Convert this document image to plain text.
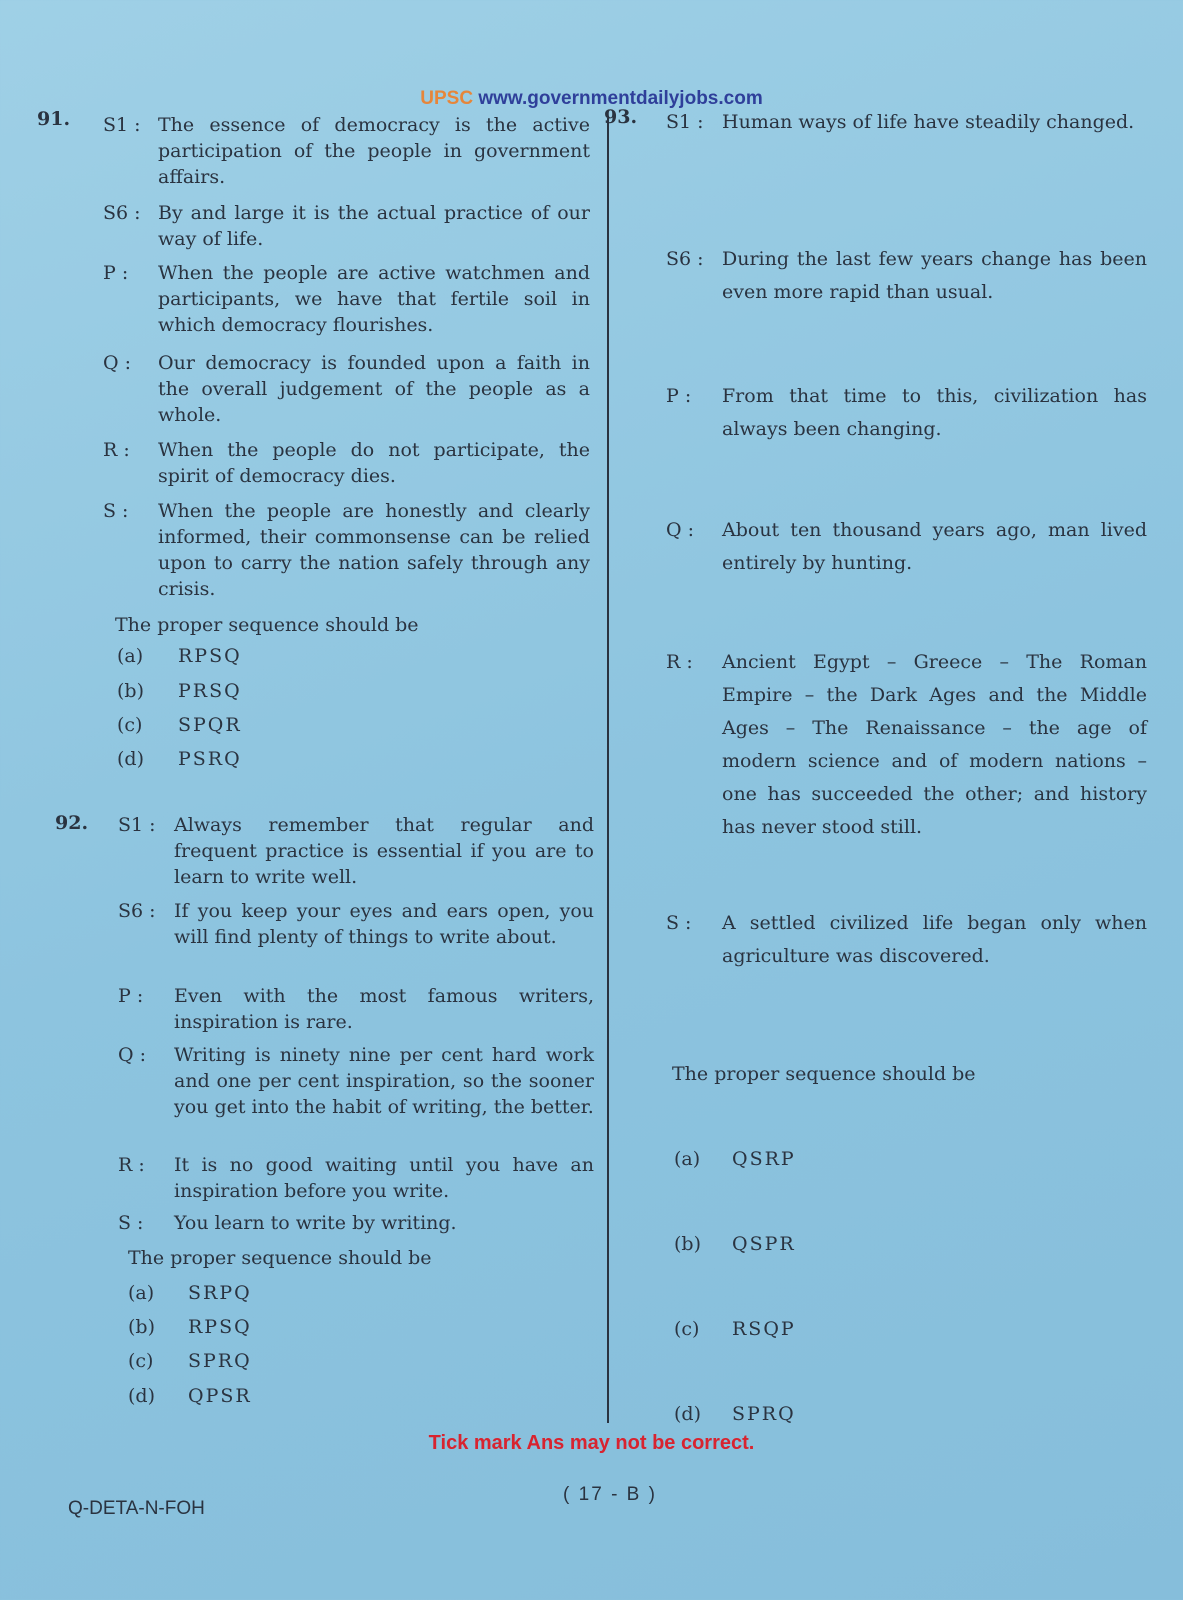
UPSC www.governmentdailyjobs.com
91. S1 : The essence of democracy is the active participation of the people in government affairs.
S6 : By and large it is the actual practice of our way of life.
P : When the people are active watchmen and participants, we have that fertile soil in which democracy flourishes.
Q : Our democracy is founded upon a faith in the overall judgement of the people as a whole.
R : When the people do not participate, the spirit of democracy dies.
S : When the people are honestly and clearly informed, their commonsense can be relied upon to carry the nation safely through any crisis.
The proper sequence should be
(a) RPSQ
(b) PRSQ
(c) SPQR
(d) PSRQ
92. S1 : Always remember that regular and frequent practice is essential if you are to learn to write well.
S6 : If you keep your eyes and ears open, you will find plenty of things to write about.
P : Even with the most famous writers, inspiration is rare.
Q : Writing is ninety nine per cent hard work and one per cent inspiration, so the sooner you get into the habit of writing, the better.
R : It is no good waiting until you have an inspiration before you write.
S : You learn to write by writing.
The proper sequence should be
(a) SRPQ
(b) RPSQ
(c) SPRQ
(d) QPSR
93. S1 : Human ways of life have steadily changed.
S6 : During the last few years change has been even more rapid than usual.
P : From that time to this, civilization has always been changing.
Q : About ten thousand years ago, man lived entirely by hunting.
R : Ancient Egypt – Greece – The Roman Empire – the Dark Ages and the Middle Ages – The Renaissance – the age of modern science and of modern nations – one has succeeded the other; and history has never stood still.
S : A settled civilized life began only when agriculture was discovered.
The proper sequence should be
(a) QSRP
(b) QSPR
(c) RSQP
(d) SPRQ
Tick mark Ans may not be correct.
Q-DETA-N-FOH
( 17 - B )
